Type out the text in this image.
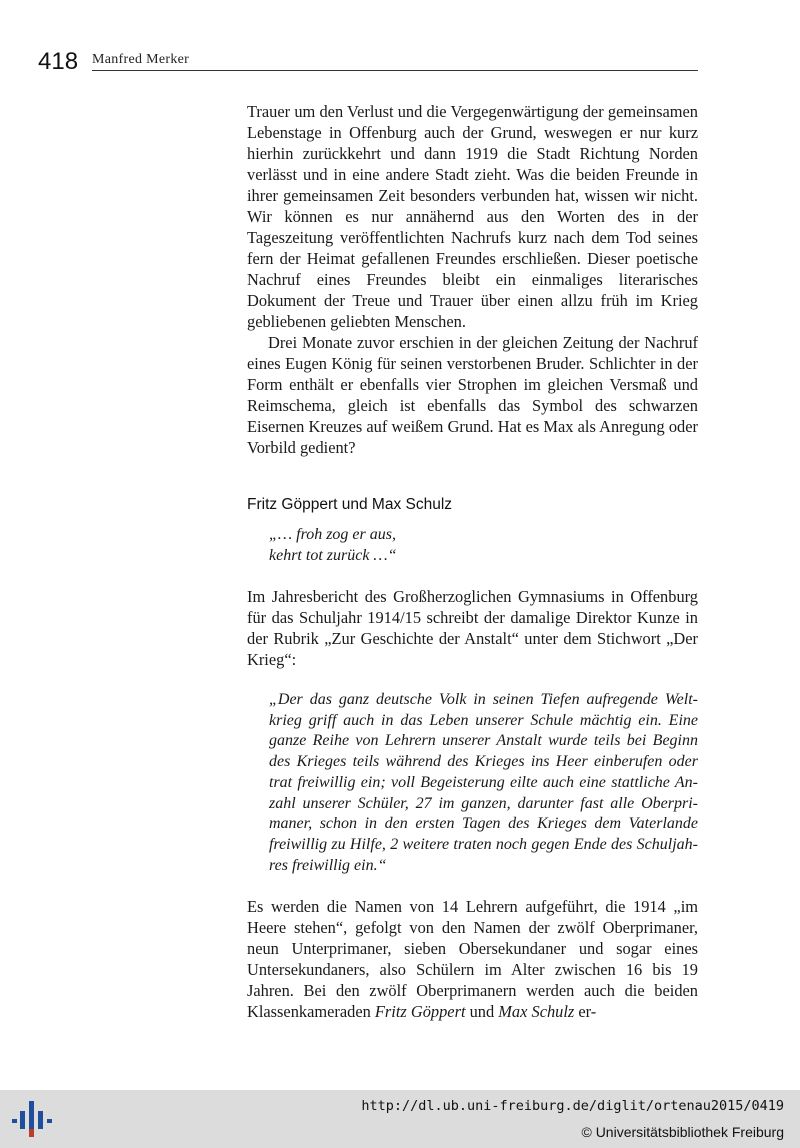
418 Manfred Merker

Trauer um den Verlust und die Vergegenwärtigung der gemeinsamen Lebenstage in Offenburg auch der Grund, weswegen er nur kurz hierhin zurückkehrt und dann 1919 die Stadt Richtung Norden verlässt und in eine andere Stadt zieht. Was die beiden Freunde in ihrer gemeinsamen Zeit besonders verbunden hat, wissen wir nicht. Wir können es nur annähernd aus den Worten des in der Tageszeitung veröffentlichten Nachrufs kurz nach dem Tod seines fern der Heimat gefallenen Freundes erschließen. Dieser poetische Nachruf eines Freundes bleibt ein einmaliges literarisches Dokument der Treue und Trauer über einen allzu früh im Krieg gebliebenen geliebten Menschen.

Drei Monate zuvor erschien in der gleichen Zeitung der Nachruf eines Eugen König für seinen verstorbenen Bruder. Schlichter in der Form enthält er ebenfalls vier Strophen im gleichen Versmaß und Reimschema, gleich ist ebenfalls das Symbol des schwarzen Eisernen Kreuzes auf weißem Grund. Hat es Max als Anregung oder Vorbild gedient?

Fritz Göppert und Max Schulz

„… froh zog er aus,

kehrt tot zurück …“

Im Jahresbericht des Großherzoglichen Gymnasiums in Offenburg für das Schuljahr 1914/15 schreibt der damalige Direktor Kunze in der Rubrik „Zur Geschichte der Anstalt“ unter dem Stichwort „Der Krieg“:

„Der das ganz deutsche Volk in seinen Tiefen aufregende Weltkrieg griff auch in das Leben unserer Schule mächtig ein. Eine ganze Reihe von Lehrern unserer Anstalt wurde teils bei Beginn des Krieges teils während des Krieges ins Heer einberufen oder trat freiwillig ein; voll Begeisterung eilte auch eine stattliche Anzahl unserer Schüler, 27 im ganzen, darunter fast alle Oberprimaner, schon in den ersten Tagen des Krieges dem Vaterlande freiwillig zu Hilfe, 2 weitere traten noch gegen Ende des Schuljahres freiwillig ein.“

Es werden die Namen von 14 Lehrern aufgeführt, die 1914 „im Heere stehen“, gefolgt von den Namen der zwölf Oberprimaner, neun Unterprimaner, sieben Obersekundaner und sogar eines Untersekundaners, also Schülern im Alter zwischen 16 bis 19 Jahren. Bei den zwölf Oberprimanern werden auch die beiden Klassenkameraden Fritz Göppert und Max Schulz er-

http://dl.ub.uni-freiburg.de/diglit/ortenau2015/0419
© Universitätsbibliothek Freiburg
